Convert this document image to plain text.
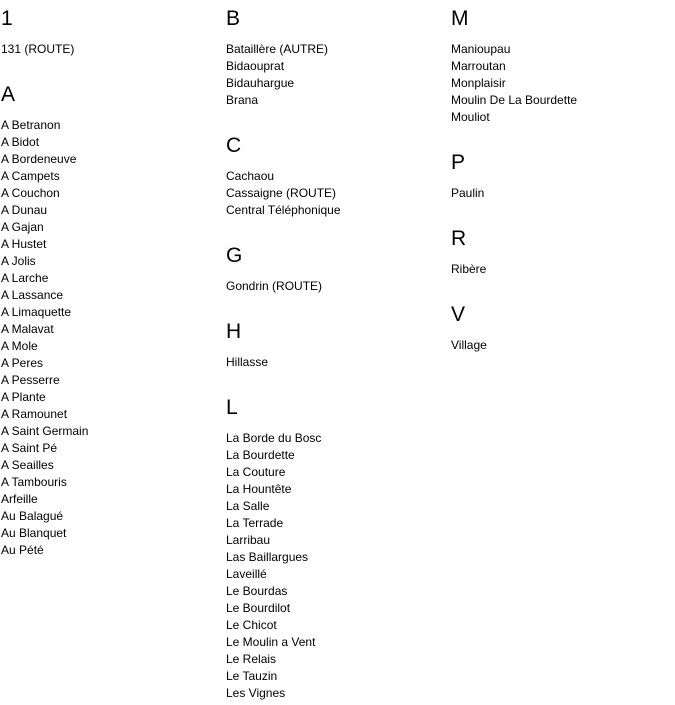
1
131 (ROUTE)
A
A Betranon
A Bidot
A Bordeneuve
A Campets
A Couchon
A Dunau
A Gajan
A Hustet
A Jolis
A Larche
A Lassance
A Limaquette
A Malavat
A Mole
A Peres
A Pesserre
A Plante
A Ramounet
A Saint Germain
A Saint Pé
A Seailles
A Tambouris
Arfeille
Au Balagué
Au Blanquet
Au Pété
B
Bataillère (AUTRE)
Bidaouprat
Bidauhargue
Brana
C
Cachaou
Cassaigne (ROUTE)
Central Téléphonique
G
Gondrin (ROUTE)
H
Hillasse
L
La Borde du Bosc
La Bourdette
La Couture
La Hountête
La Salle
La Terrade
Larribau
Las Baillargues
Laveillé
Le Bourdas
Le Bourdilot
Le Chicot
Le Moulin a Vent
Le Relais
Le Tauzin
Les Vignes
M
Manioupau
Marroutan
Monplaisir
Moulin De La Bourdette
Mouliot
P
Paulin
R
Ribère
V
Village
